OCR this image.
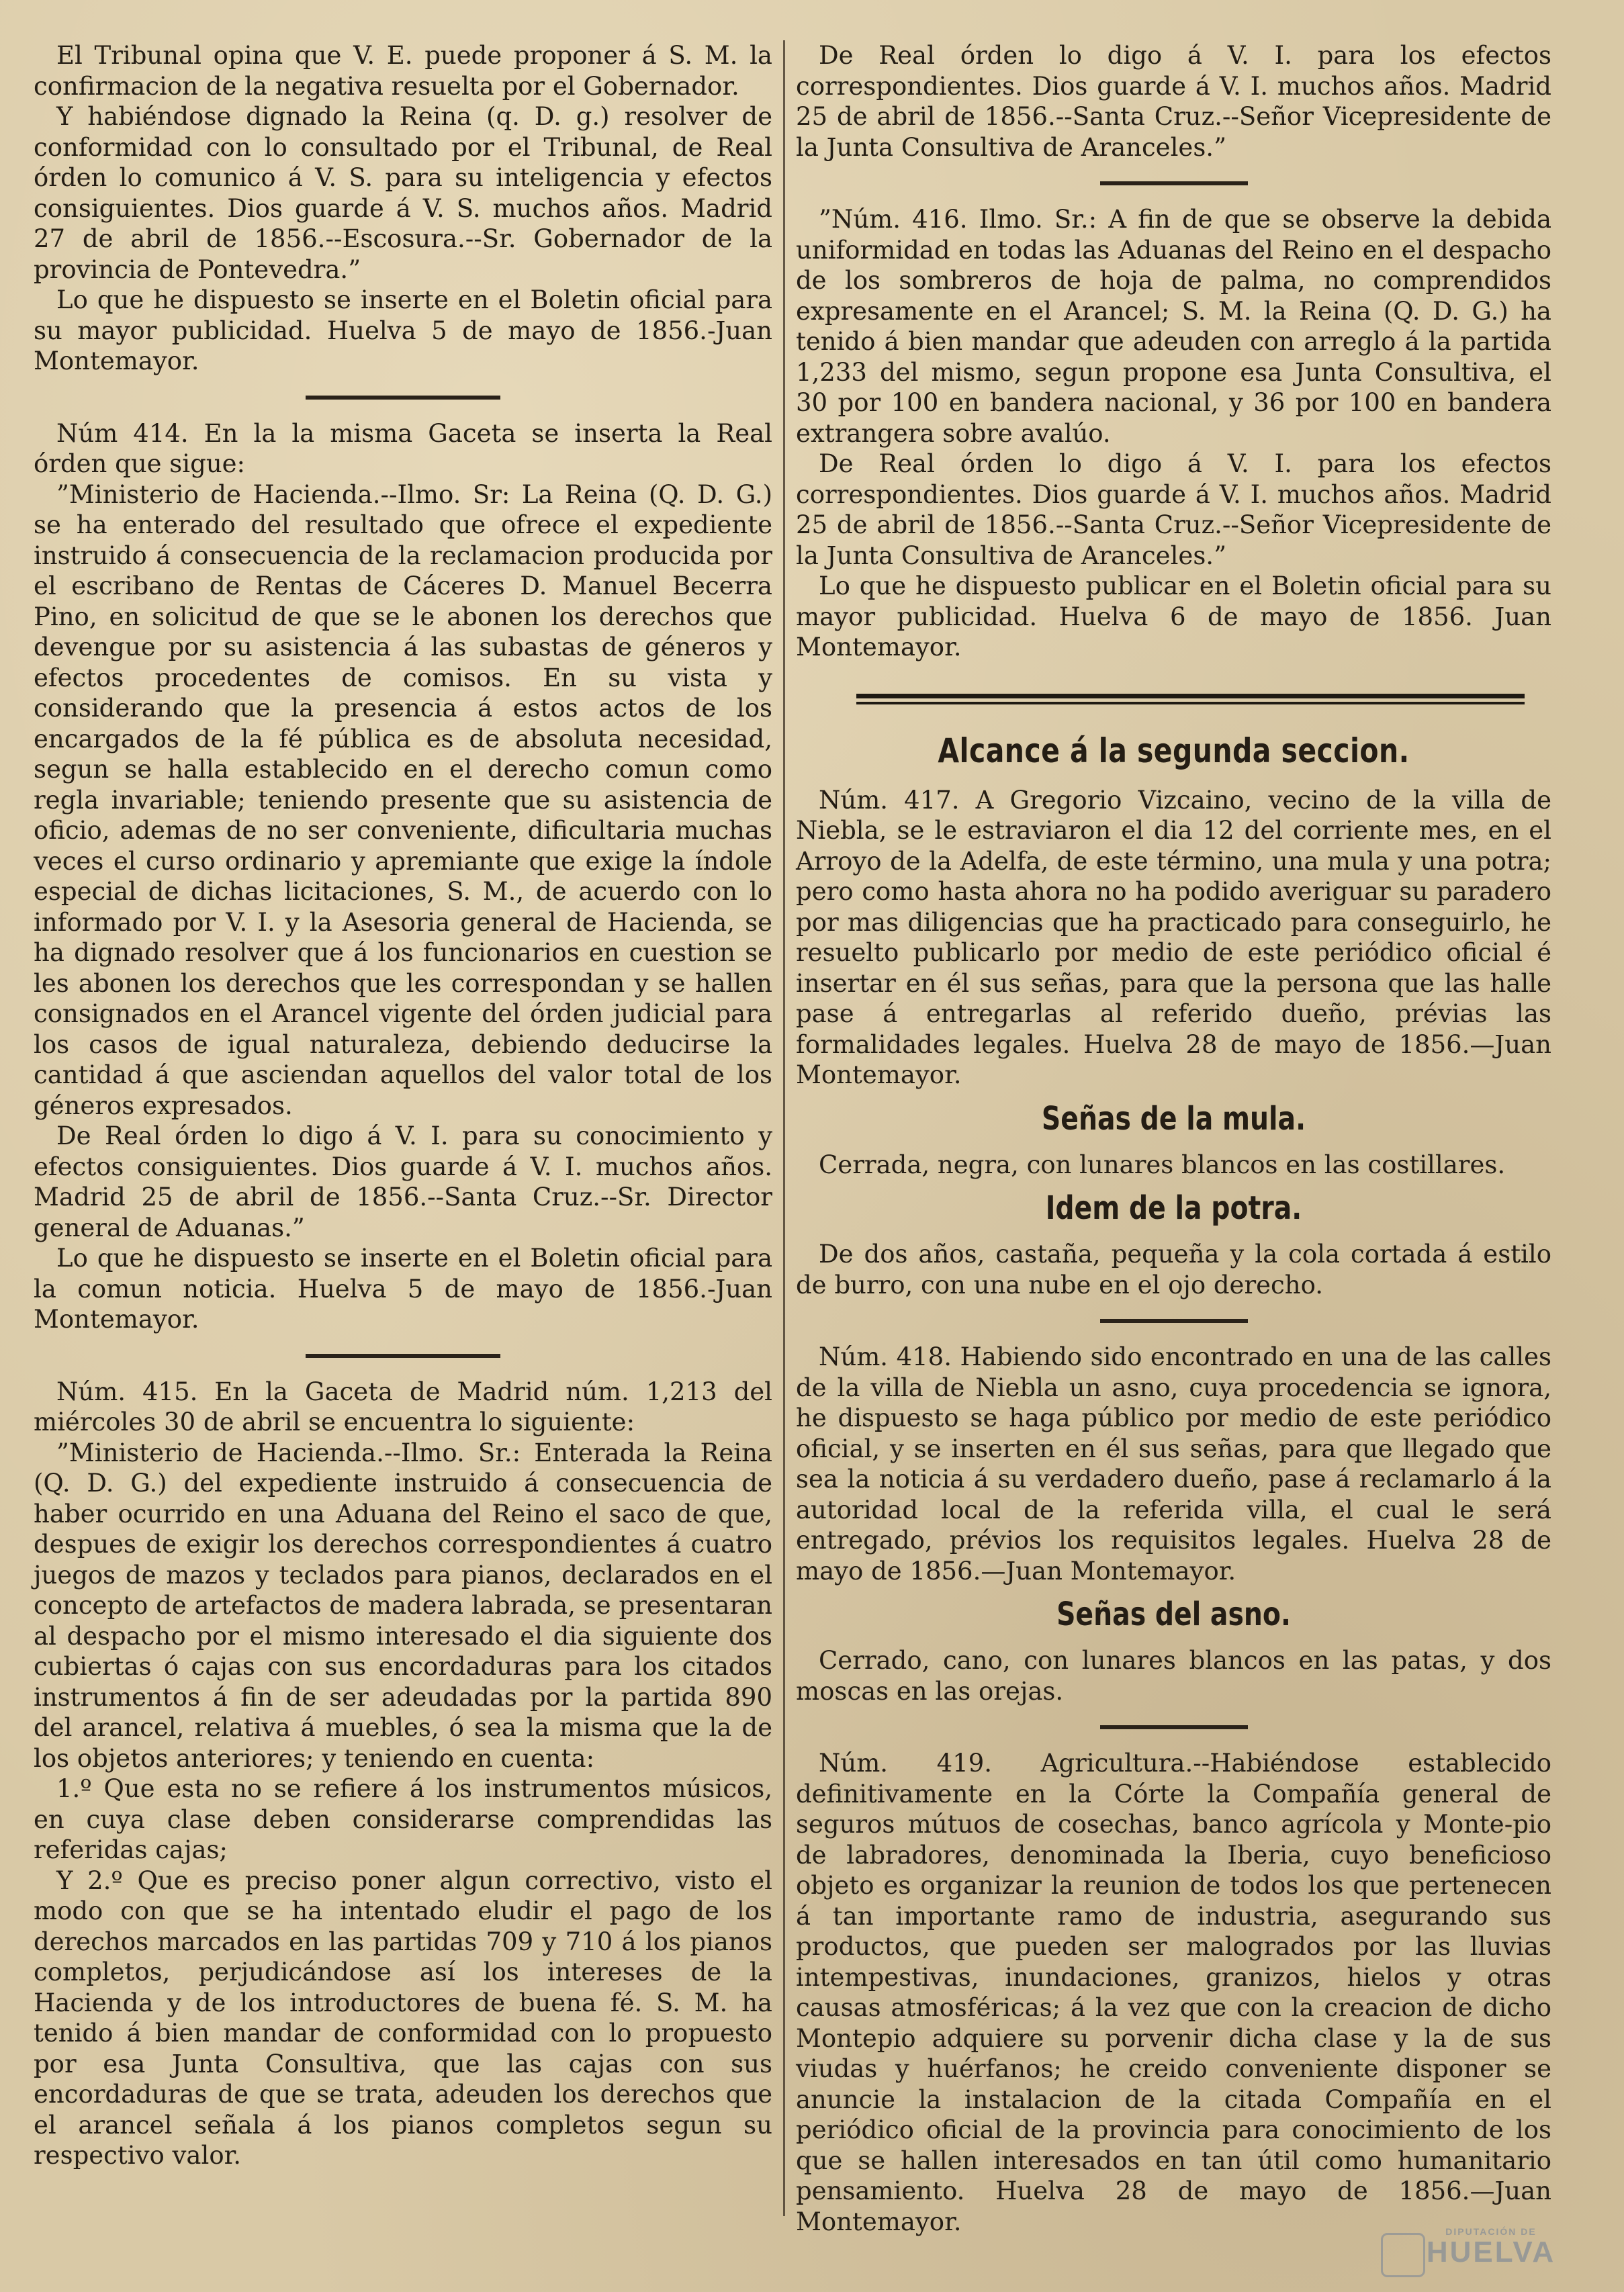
El Tribunal opina que V. E. puede proponer á S. M. la confirmacion de la negativa resuelta por el Gobernador.

Y habiéndose dignado la Reina (q. D. g.) resolver de conformidad con lo consultado por el Tribunal, de Real órden lo comunico á V. S. para su inteligencia y efectos consiguientes. Dios guarde á V. S. muchos años. Madrid 27 de abril de 1856.--Escosura.--Sr. Gobernador de la provincia de Pontevedra.”

Lo que he dispuesto se inserte en el Boletin oficial para su mayor publicidad. Huelva 5 de mayo de 1856.-Juan Montemayor.

Núm 414. En la la misma Gaceta se inserta la Real órden que sigue:

”Ministerio de Hacienda.--Ilmo. Sr: La Reina (Q. D. G.) se ha enterado del resultado que ofrece el expediente instruido á consecuencia de la reclamacion producida por el escribano de Rentas de Cáceres D. Manuel Becerra Pino, en solicitud de que se le abonen los derechos que devengue por su asistencia á las subastas de géneros y efectos procedentes de comisos. En su vista y considerando que la presencia á estos actos de los encargados de la fé pública es de absoluta necesidad, segun se halla establecido en el derecho comun como regla invariable; teniendo presente que su asistencia de oficio, ademas de no ser conveniente, dificultaria muchas veces el curso ordinario y apremiante que exige la índole especial de dichas licitaciones, S. M., de acuerdo con lo informado por V. I. y la Asesoria general de Hacienda, se ha dignado resolver que á los funcionarios en cuestion se les abonen los derechos que les correspondan y se hallen consignados en el Arancel vigente del órden judicial para los casos de igual naturaleza, debiendo deducirse la cantidad á que asciendan aquellos del valor total de los géneros expresados.

De Real órden lo digo á V. I. para su conocimiento y efectos consiguientes. Dios guarde á V. I. muchos años. Madrid 25 de abril de 1856.--Santa Cruz.--Sr. Director general de Aduanas.”

Lo que he dispuesto se inserte en el Boletin oficial para la comun noticia. Huelva 5 de mayo de 1856.-Juan Montemayor.

Núm. 415. En la Gaceta de Madrid núm. 1,213 del miércoles 30 de abril se encuentra lo siguiente:

”Ministerio de Hacienda.--Ilmo. Sr.: Enterada la Reina (Q. D. G.) del expediente instruido á consecuencia de haber ocurrido en una Aduana del Reino el saco de que, despues de exigir los derechos correspondientes á cuatro juegos de mazos y teclados para pianos, declarados en el concepto de artefactos de madera labrada, se presentaran al despacho por el mismo interesado el dia siguiente dos cubiertas ó cajas con sus encordaduras para los citados instrumentos á fin de ser adeudadas por la partida 890 del arancel, relativa á muebles, ó sea la misma que la de los objetos anteriores; y teniendo en cuenta:

1.º Que esta no se refiere á los instrumentos músicos, en cuya clase deben considerarse comprendidas las referidas cajas;

Y 2.º Que es preciso poner algun correctivo, visto el modo con que se ha intentado eludir el pago de los derechos marcados en las partidas 709 y 710 á los pianos completos, perjudicándose así los intereses de la Hacienda y de los introductores de buena fé. S. M. ha tenido á bien mandar de conformidad con lo propuesto por esa Junta Consultiva, que las cajas con sus encordaduras de que se trata, adeuden los derechos que el arancel señala á los pianos completos segun su respectivo valor.

De Real órden lo digo á V. I. para los efectos correspondientes. Dios guarde á V. I. muchos años. Madrid 25 de abril de 1856.--Santa Cruz.--Señor Vicepresidente de la Junta Consultiva de Aranceles.”

”Núm. 416. Ilmo. Sr.: A fin de que se observe la debida uniformidad en todas las Aduanas del Reino en el despacho de los sombreros de hoja de palma, no comprendidos expresamente en el Arancel; S. M. la Reina (Q. D. G.) ha tenido á bien mandar que adeuden con arreglo á la partida 1,233 del mismo, segun propone esa Junta Consultiva, el 30 por 100 en bandera nacional, y 36 por 100 en bandera extrangera sobre avalúo.

De Real órden lo digo á V. I. para los efectos correspondientes. Dios guarde á V. I. muchos años. Madrid 25 de abril de 1856.--Santa Cruz.--Señor Vicepresidente de la Junta Consultiva de Aranceles.”

Lo que he dispuesto publicar en el Boletin oficial para su mayor publicidad. Huelva 6 de mayo de 1856. Juan Montemayor.

Alcance á la segunda seccion.

Núm. 417. A Gregorio Vizcaino, vecino de la villa de Niebla, se le estraviaron el dia 12 del corriente mes, en el Arroyo de la Adelfa, de este término, una mula y una potra; pero como hasta ahora no ha podido averiguar su paradero por mas diligencias que ha practicado para conseguirlo, he resuelto publicarlo por medio de este periódico oficial é insertar en él sus señas, para que la persona que las halle pase á entregarlas al referido dueño, prévias las formalidades legales. Huelva 28 de mayo de 1856.—Juan Montemayor.

Señas de la mula.

Cerrada, negra, con lunares blancos en las costillares.

Idem de la potra.

De dos años, castaña, pequeña y la cola cortada á estilo de burro, con una nube en el ojo derecho.

Núm. 418. Habiendo sido encontrado en una de las calles de la villa de Niebla un asno, cuya procedencia se ignora, he dispuesto se haga público por medio de este periódico oficial, y se inserten en él sus señas, para que llegado que sea la noticia á su verdadero dueño, pase á reclamarlo á la autoridad local de la referida villa, el cual le será entregado, prévios los requisitos legales. Huelva 28 de mayo de 1856.—Juan Montemayor.

Señas del asno.

Cerrado, cano, con lunares blancos en las patas, y dos moscas en las orejas.

Núm. 419. Agricultura.--Habiéndose establecido definitivamente en la Córte la Compañía general de seguros mútuos de cosechas, banco agrícola y Monte-pio de labradores, denominada la Iberia, cuyo beneficioso objeto es organizar la reunion de todos los que pertenecen á tan importante ramo de industria, asegurando sus productos, que pueden ser malogrados por las lluvias intempestivas, inundaciones, granizos, hielos y otras causas atmosféricas; á la vez que con la creacion de dicho Montepio adquiere su porvenir dicha clase y la de sus viudas y huérfanos; he creido conveniente disponer se anuncie la instalacion de la citada Compañía en el periódico oficial de la provincia para conocimiento de los que se hallen interesados en tan útil como humanitario pensamiento. Huelva 28 de mayo de 1856.—Juan Montemayor.	DIPUTACIÓN DE
HUELVA
